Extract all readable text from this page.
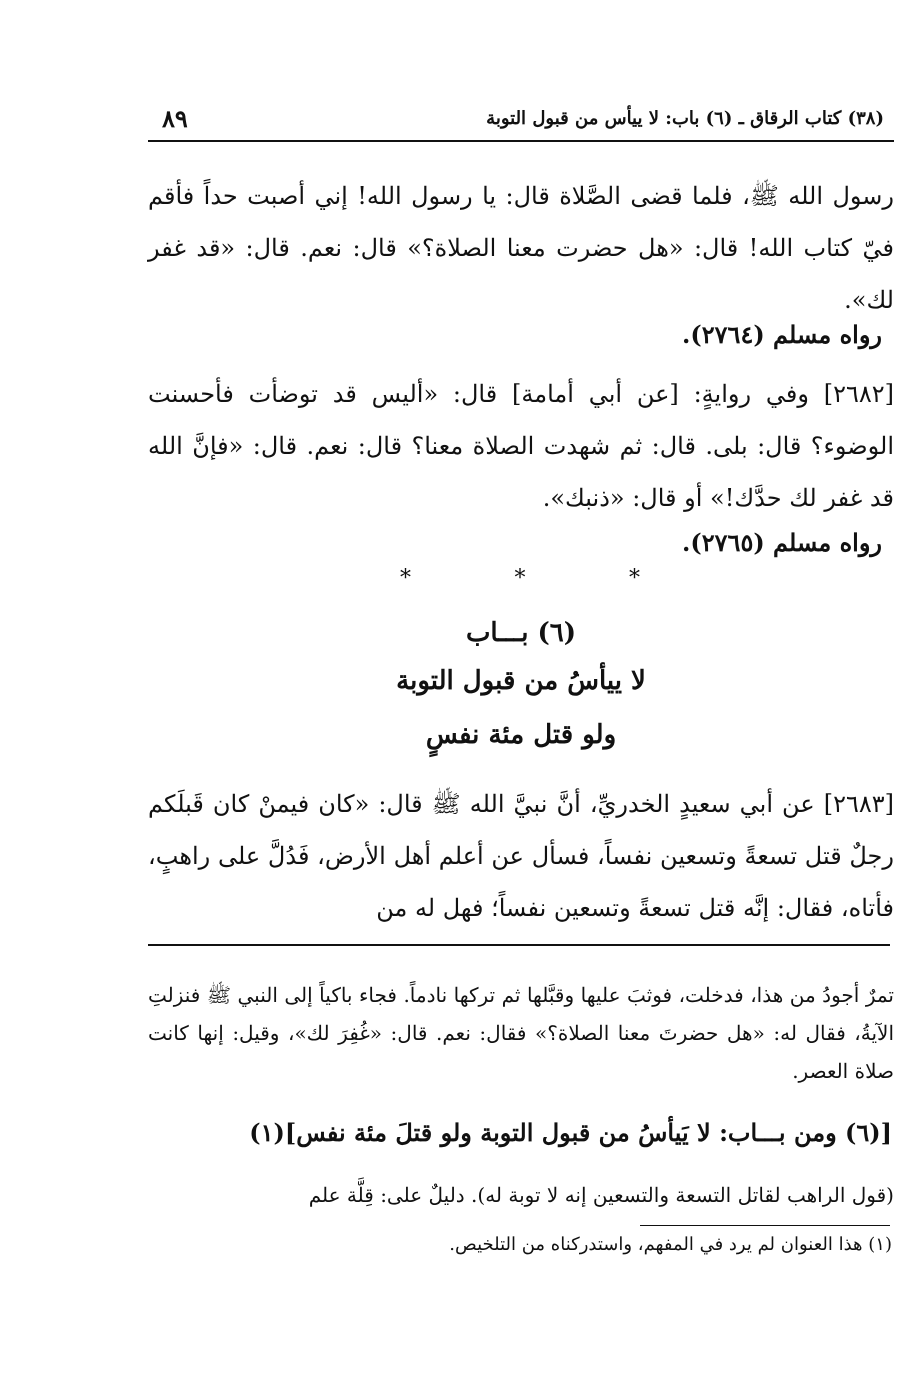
٨٩	(٣٨) كتاب الرقاق ـ (٦) باب: لا ييأس من قبول التوبة

رسول الله ﷺ، فلما قضى الصَّلاة قال: يا رسول الله! إني أصبت حداً فأقم فيّ كتاب الله! قال: «هل حضرت معنا الصلاة؟» قال: نعم. قال: «قد غفر لك».

رواه مسلم (٢٧٦٤).

[٢٦٨٢] وفي روايةٍ: [عن أبي أمامة] قال: «أليس قد توضأت فأحسنت الوضوء؟ قال: بلى. قال: ثم شهدت الصلاة معنا؟ قال: نعم. قال: «فإنَّ الله قد غفر لك حدَّك!» أو قال: «ذنبك».

رواه مسلم (٢٧٦٥).
*	*	*
(٦) بـــاب
لا ييأسُ من قبول التوبة
ولو قتل مئة نفسٍ

[٢٦٨٣] عن أبي سعيدٍ الخدريِّ، أنَّ نبيَّ الله ﷺ قال: «كان فيمنْ كان قَبلَكم رجلٌ قتل تسعةً وتسعين نفساً، فسأل عن أعلم أهل الأرض، فَدُلَّ على راهبٍ، فأتاه، فقال: إنَّه قتل تسعةً وتسعين نفساً؛ فهل له من

تمرٌ أجودُ من هذا، فدخلت، فوثبَ عليها وقبَّلها ثم تركها نادماً. فجاء باكياً إلى النبي ﷺ فنزلتِ الآيةُ، فقال له: «هل حضرتَ معنا الصلاة؟» فقال: نعم. قال: «غُفِرَ لك»، وقيل: إنها كانت صلاة العصر.

[(٦) ومن بـــاب: لا يَيأسُ من قبول التوبة ولو قتلَ مئة نفس](١)

(قول الراهب لقاتل التسعة والتسعين إنه لا توبة له). دليلٌ على: قِلَّة علم

(١) هذا العنوان لم يرد في المفهم، واستدركناه من التلخيص.
